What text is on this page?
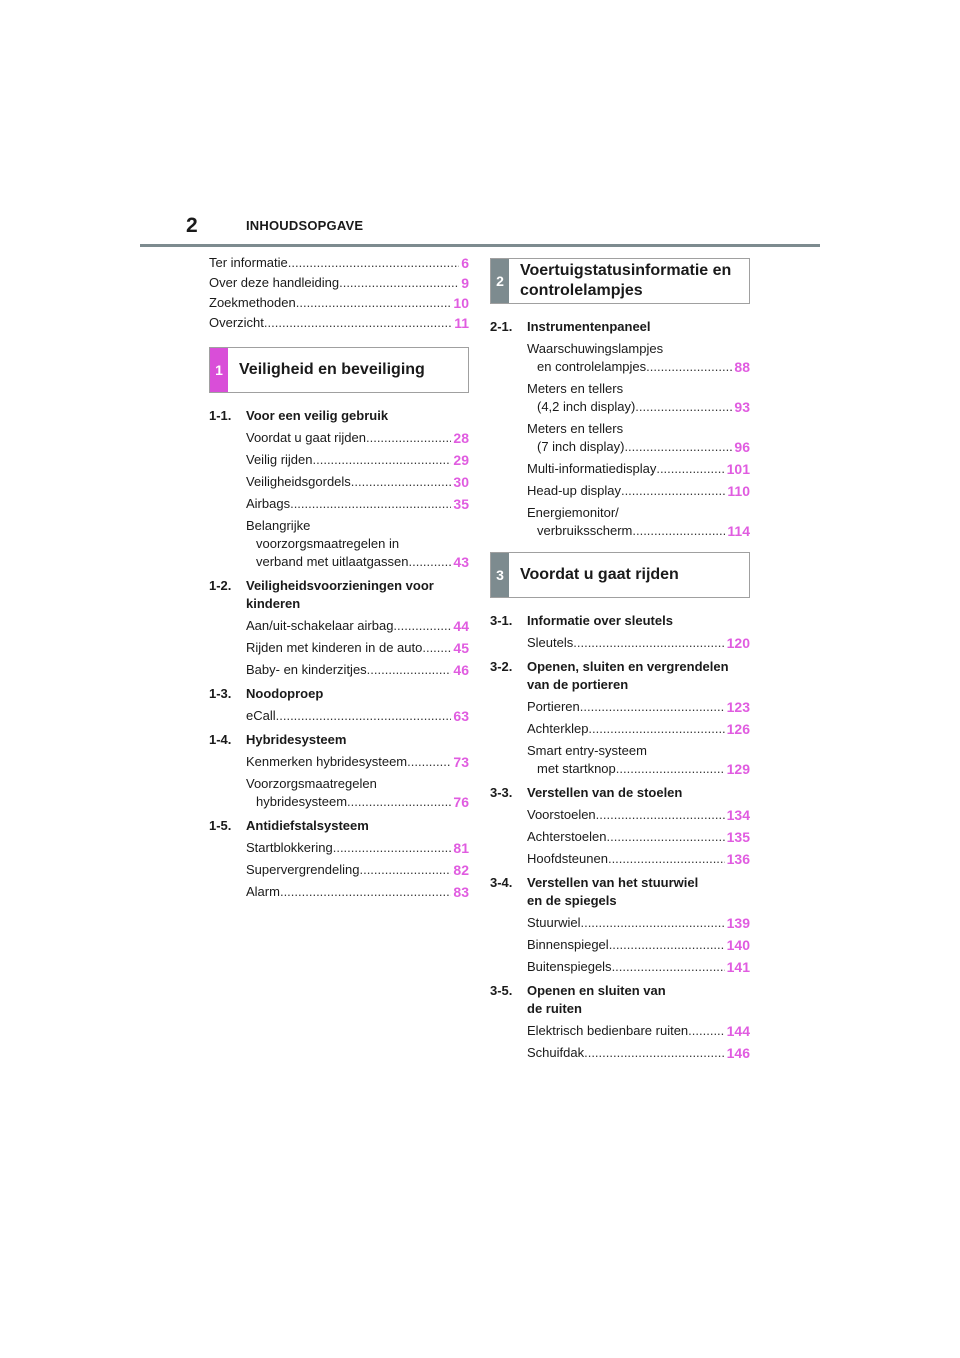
2	INHOUDSOPGAVE
Ter informatie .....	6
Over deze handleiding .....	9
Zoekmethoden .....	10
Overzicht .....	11
1	Veiligheid en beveiliging
1-1.	Voor een veilig gebruik
Voordat u gaat rijden .....	28
Veilig rijden .....	29
Veiligheidsgordels .....	30
Airbags .....	35
Belangrijke
voorzorgsmaatregelen in
verband met uitlaatgassen .....	43
1-2.	Veiligheidsvoorzieningen voor
kinderen
Aan/uit-schakelaar airbag .....	44
Rijden met kinderen in de auto ..... 45
Baby- en kinderzitjes .....	46
1-3.	Noodoproep
eCall .....	63
1-4.	Hybridesysteem
Kenmerken hybridesysteem .....	73
Voorzorgsmaatregelen
hybridesysteem .....	76
1-5.	Antidiefstalsysteem
Startblokkering .....	81
Supervergrendeling .....	82
Alarm .....	83
2
Voertuigstatusinformatie en
controlelampjes
2-1.	Instrumentenpaneel
Waarschuwingslampjes
en controlelampjes .....	88
Meters en tellers
(4,2 inch display) .....	93
Meters en tellers
(7 inch display) .....	96
Multi-informatiedisplay .....	101
Head-up display .....	110
Energiemonitor/
verbruiksscherm .....	114
3	Voordat u gaat rijden
3-1.	Informatie over sleutels
Sleutels .....	120
3-2.	Openen, sluiten en vergrendelen
van de portieren
Portieren .....	123
Achterklep .....	126
Smart entry-systeem
met startknop .....	129
3-3.	Verstellen van de stoelen
Voorstoelen .....	134
Achterstoelen .....	135
Hoofdsteunen .....	136
3-4.	Verstellen van het stuurwiel
en de spiegels
Stuurwiel .....	139
Binnenspiegel .....	140
Buitenspiegels .....	141
3-5.	Openen en sluiten van
de ruiten
Elektrisch bedienbare ruiten .....	144
Schuifdak .....	146
